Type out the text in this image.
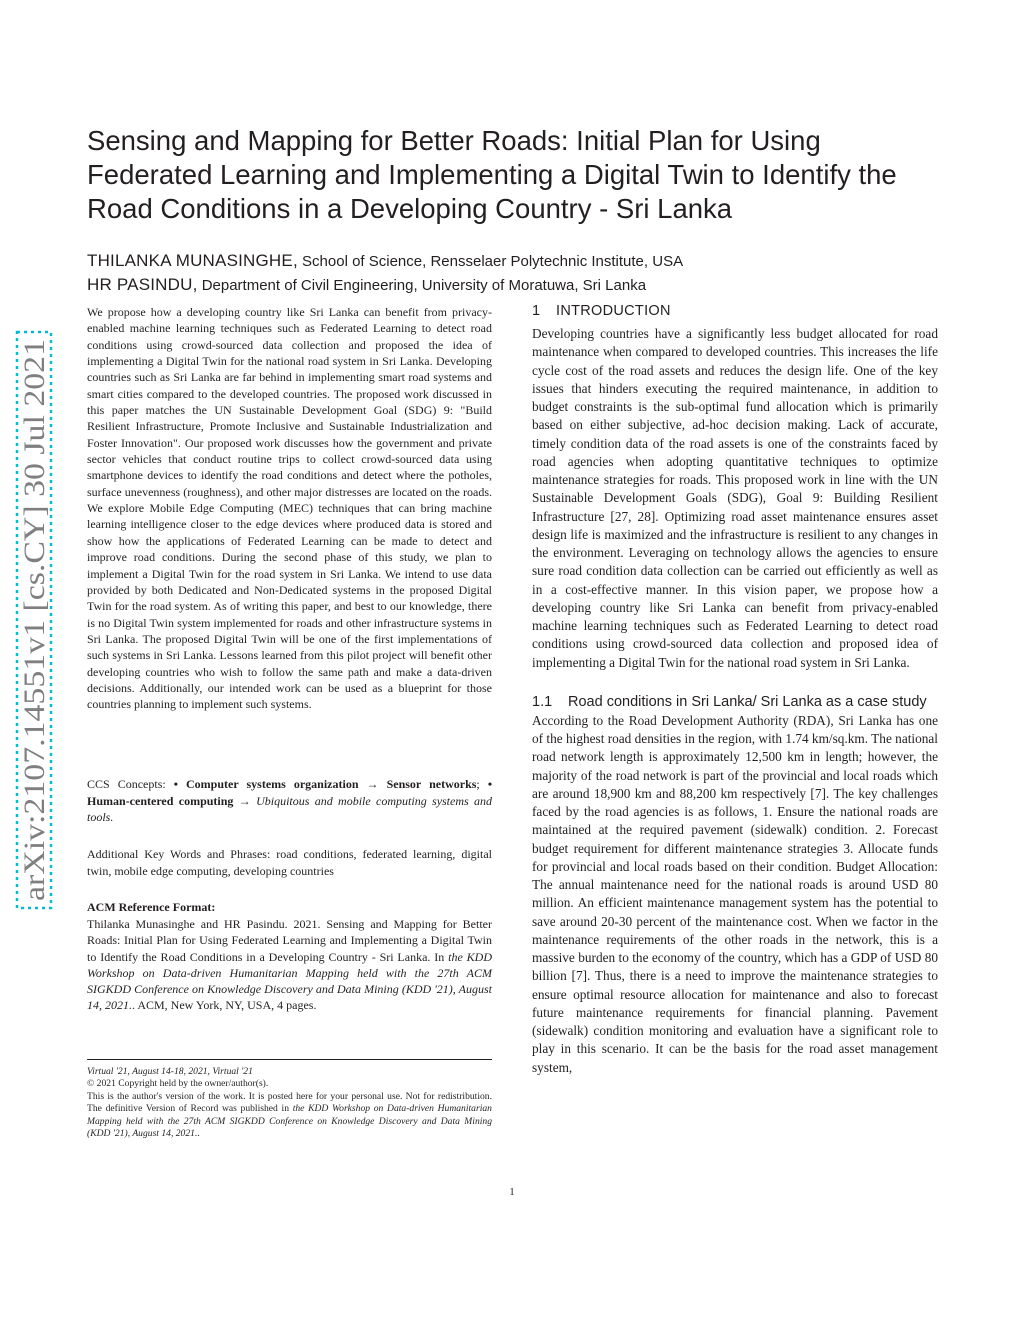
arXiv:2107.14551v1 [cs.CY] 30 Jul 2021
Sensing and Mapping for Better Roads: Initial Plan for Using Federated Learning and Implementing a Digital Twin to Identify the Road Conditions in a Developing Country - Sri Lanka
THILANKA MUNASINGHE, School of Science, Rensselaer Polytechnic Institute, USA
HR PASINDU, Department of Civil Engineering, University of Moratuwa, Sri Lanka

We propose how a developing country like Sri Lanka can benefit from privacy-enabled machine learning techniques such as Federated Learning to detect road conditions using crowd-sourced data collection and proposed the idea of implementing a Digital Twin for the national road system in Sri Lanka. Developing countries such as Sri Lanka are far behind in implementing smart road systems and smart cities compared to the developed countries. The proposed work discussed in this paper matches the UN Sustainable Development Goal (SDG) 9: "Build Resilient Infrastructure, Promote Inclusive and Sustainable Industrialization and Foster Innovation". Our proposed work discusses how the government and private sector vehicles that conduct routine trips to collect crowd-sourced data using smartphone devices to identify the road conditions and detect where the potholes, surface unevenness (roughness), and other major distresses are located on the roads. We explore Mobile Edge Computing (MEC) techniques that can bring machine learning intelligence closer to the edge devices where produced data is stored and show how the applications of Federated Learning can be made to detect and improve road conditions. During the second phase of this study, we plan to implement a Digital Twin for the road system in Sri Lanka. We intend to use data provided by both Dedicated and Non-Dedicated systems in the proposed Digital Twin for the road system. As of writing this paper, and best to our knowledge, there is no Digital Twin system implemented for roads and other infrastructure systems in Sri Lanka. The proposed Digital Twin will be one of the first implementations of such systems in Sri Lanka. Lessons learned from this pilot project will benefit other developing countries who wish to follow the same path and make a data-driven decisions. Additionally, our intended work can be used as a blueprint for those countries planning to implement such systems.

CCS Concepts: • Computer systems organization → Sensor networks; • Human-centered computing → Ubiquitous and mobile computing systems and tools.

Additional Key Words and Phrases: road conditions, federated learning, digital twin, mobile edge computing, developing countries

ACM Reference Format:

Thilanka Munasinghe and HR Pasindu. 2021. Sensing and Mapping for Better Roads: Initial Plan for Using Federated Learning and Implementing a Digital Twin to Identify the Road Conditions in a Developing Country - Sri Lanka. In the KDD Workshop on Data-driven Humanitarian Mapping held with the 27th ACM SIGKDD Conference on Knowledge Discovery and Data Mining (KDD '21), August 14, 2021.. ACM, New York, NY, USA, 4 pages.

Virtual '21, August 14-18, 2021, Virtual '21

© 2021 Copyright held by the owner/author(s).

This is the author's version of the work. It is posted here for your personal use. Not for redistribution. The definitive Version of Record was published in the KDD Workshop on Data-driven Humanitarian Mapping held with the 27th ACM SIGKDD Conference on Knowledge Discovery and Data Mining (KDD '21), August 14, 2021..

1 INTRODUCTION

Developing countries have a significantly less budget allocated for road maintenance when compared to developed countries. This increases the life cycle cost of the road assets and reduces the design life. One of the key issues that hinders executing the required maintenance, in addition to budget constraints is the sub-optimal fund allocation which is primarily based on either subjective, ad-hoc decision making. Lack of accurate, timely condition data of the road assets is one of the constraints faced by road agencies when adopting quantitative techniques to optimize maintenance strategies for roads. This proposed work in line with the UN Sustainable Development Goals (SDG), Goal 9: Building Resilient Infrastructure [27, 28]. Optimizing road asset maintenance ensures asset design life is maximized and the infrastructure is resilient to any changes in the environment. Leveraging on technology allows the agencies to ensure sure road condition data collection can be carried out efficiently as well as in a cost-effective manner. In this vision paper, we propose how a developing country like Sri Lanka can benefit from privacy-enabled machine learning techniques such as Federated Learning to detect road conditions using crowd-sourced data collection and proposed idea of implementing a Digital Twin for the national road system in Sri Lanka.

1.1	Road conditions in Sri Lanka/ Sri Lanka as a case study

According to the Road Development Authority (RDA), Sri Lanka has one of the highest road densities in the region, with 1.74 km/sq.km. The national road network length is approximately 12,500 km in length; however, the majority of the road network is part of the provincial and local roads which are around 18,900 km and 88,200 km respectively [7]. The key challenges faced by the road agencies is as follows, 1. Ensure the national roads are maintained at the required pavement (sidewalk) condition. 2. Forecast budget requirement for different maintenance strategies 3. Allocate funds for provincial and local roads based on their condition. Budget Allocation: The annual maintenance need for the national roads is around USD 80 million. An efficient maintenance management system has the potential to save around 20-30 percent of the maintenance cost. When we factor in the maintenance requirements of the other roads in the network, this is a massive burden to the economy of the country, which has a GDP of USD 80 billion [7]. Thus, there is a need to improve the maintenance strategies to ensure optimal resource allocation for maintenance and also to forecast future maintenance requirements for financial planning. Pavement (sidewalk) condition monitoring and evaluation have a significant role to play in this scenario. It can be the basis for the road asset management system,

1
